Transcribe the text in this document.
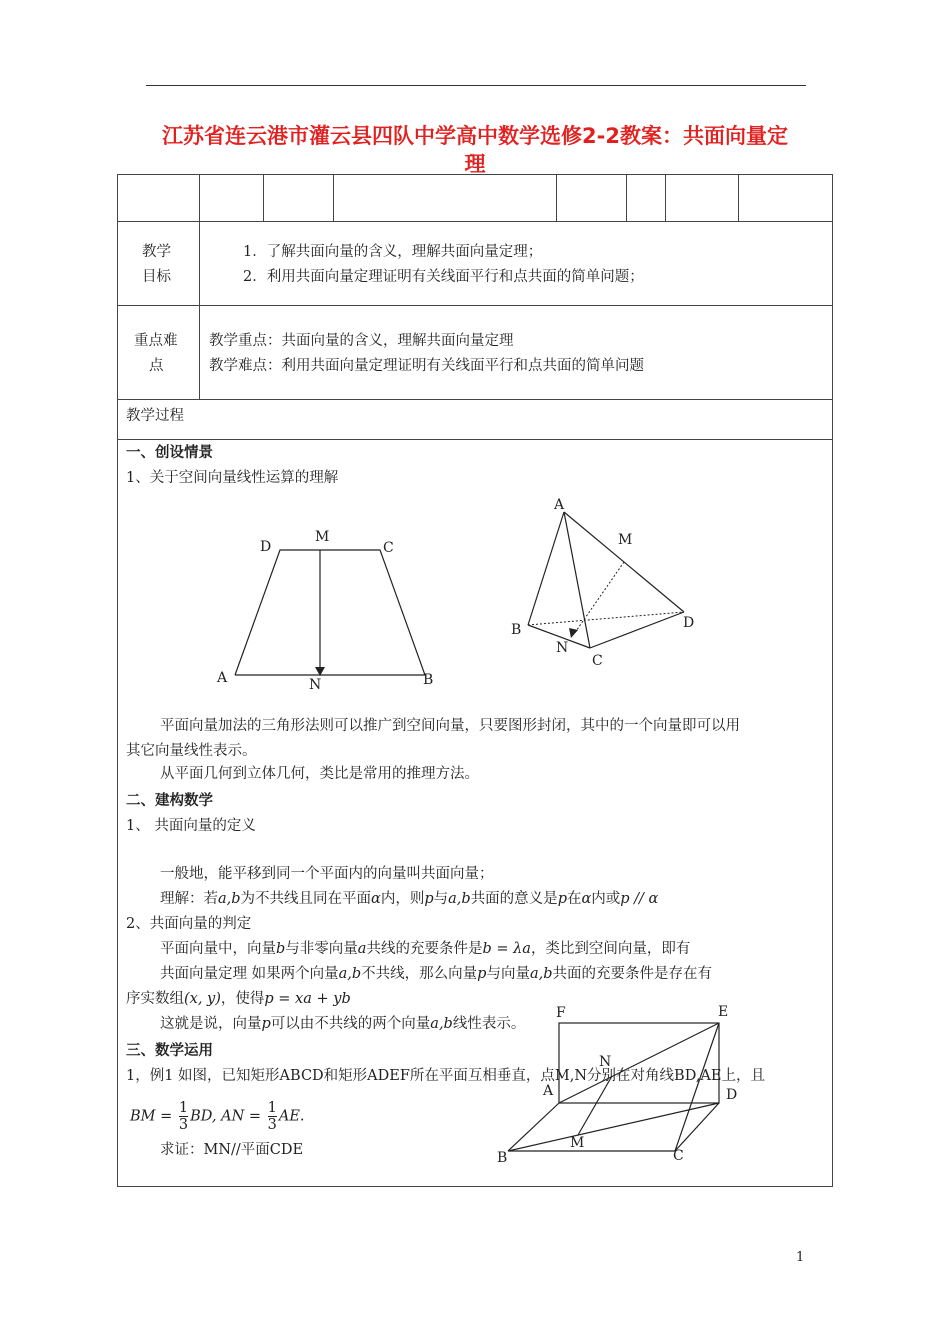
江苏省连云港市灌云县四队中学高中数学选修2-2教案：共面向量定
理
教学
目标
1．了解共面向量的含义，理解共面向量定理；
2．利用共面向量定理证明有关线面平行和点共面的简单问题；
重点难
点
教学重点：共面向量的含义，理解共面向量定理
教学难点：利用共面向量定理证明有关线面平行和点共面的简单问题
教学过程
一、创设情景
1、关于空间向量线性运算的理解
D
M
C
A	N	B
A
M
B	D
N
C
平面向量加法的三角形法则可以推广到空间向量，只要图形封闭，其中的一个向量即可以用
其它向量线性表示。
从平面几何到立体几何，类比是常用的推理方法。
二、建构数学
1、 共面向量的定义
一般地，能平移到同一个平面内的向量叫共面向量；
理解：若a,b为不共线且同在平面α内，则p与a,b共面的意义是p在α内或p // α
2、共面向量的判定
平面向量中，向量b与非零向量a共线的充要条件是b = λa，类比到空间向量，即有
共面向量定理 如果两个向量a,b不共线，那么向量p与向量a,b共面的充要条件是存在有
序实数组(x, y)，使得p = xa + yb
这就是说，向量p可以由不共线的两个向量a,b线性表示。
三、数学运用
1，例1 如图，已知矩形ABCD和矩形ADEF所在平面互相垂直，点M,N分别在对角线BD,AE上，且
BM = $\frac{1}{3}$ BD, AN = $\frac{1}{3}$ AE.
求证：MN//平面CDE
F	E
N
A	D
M
B	C
1
